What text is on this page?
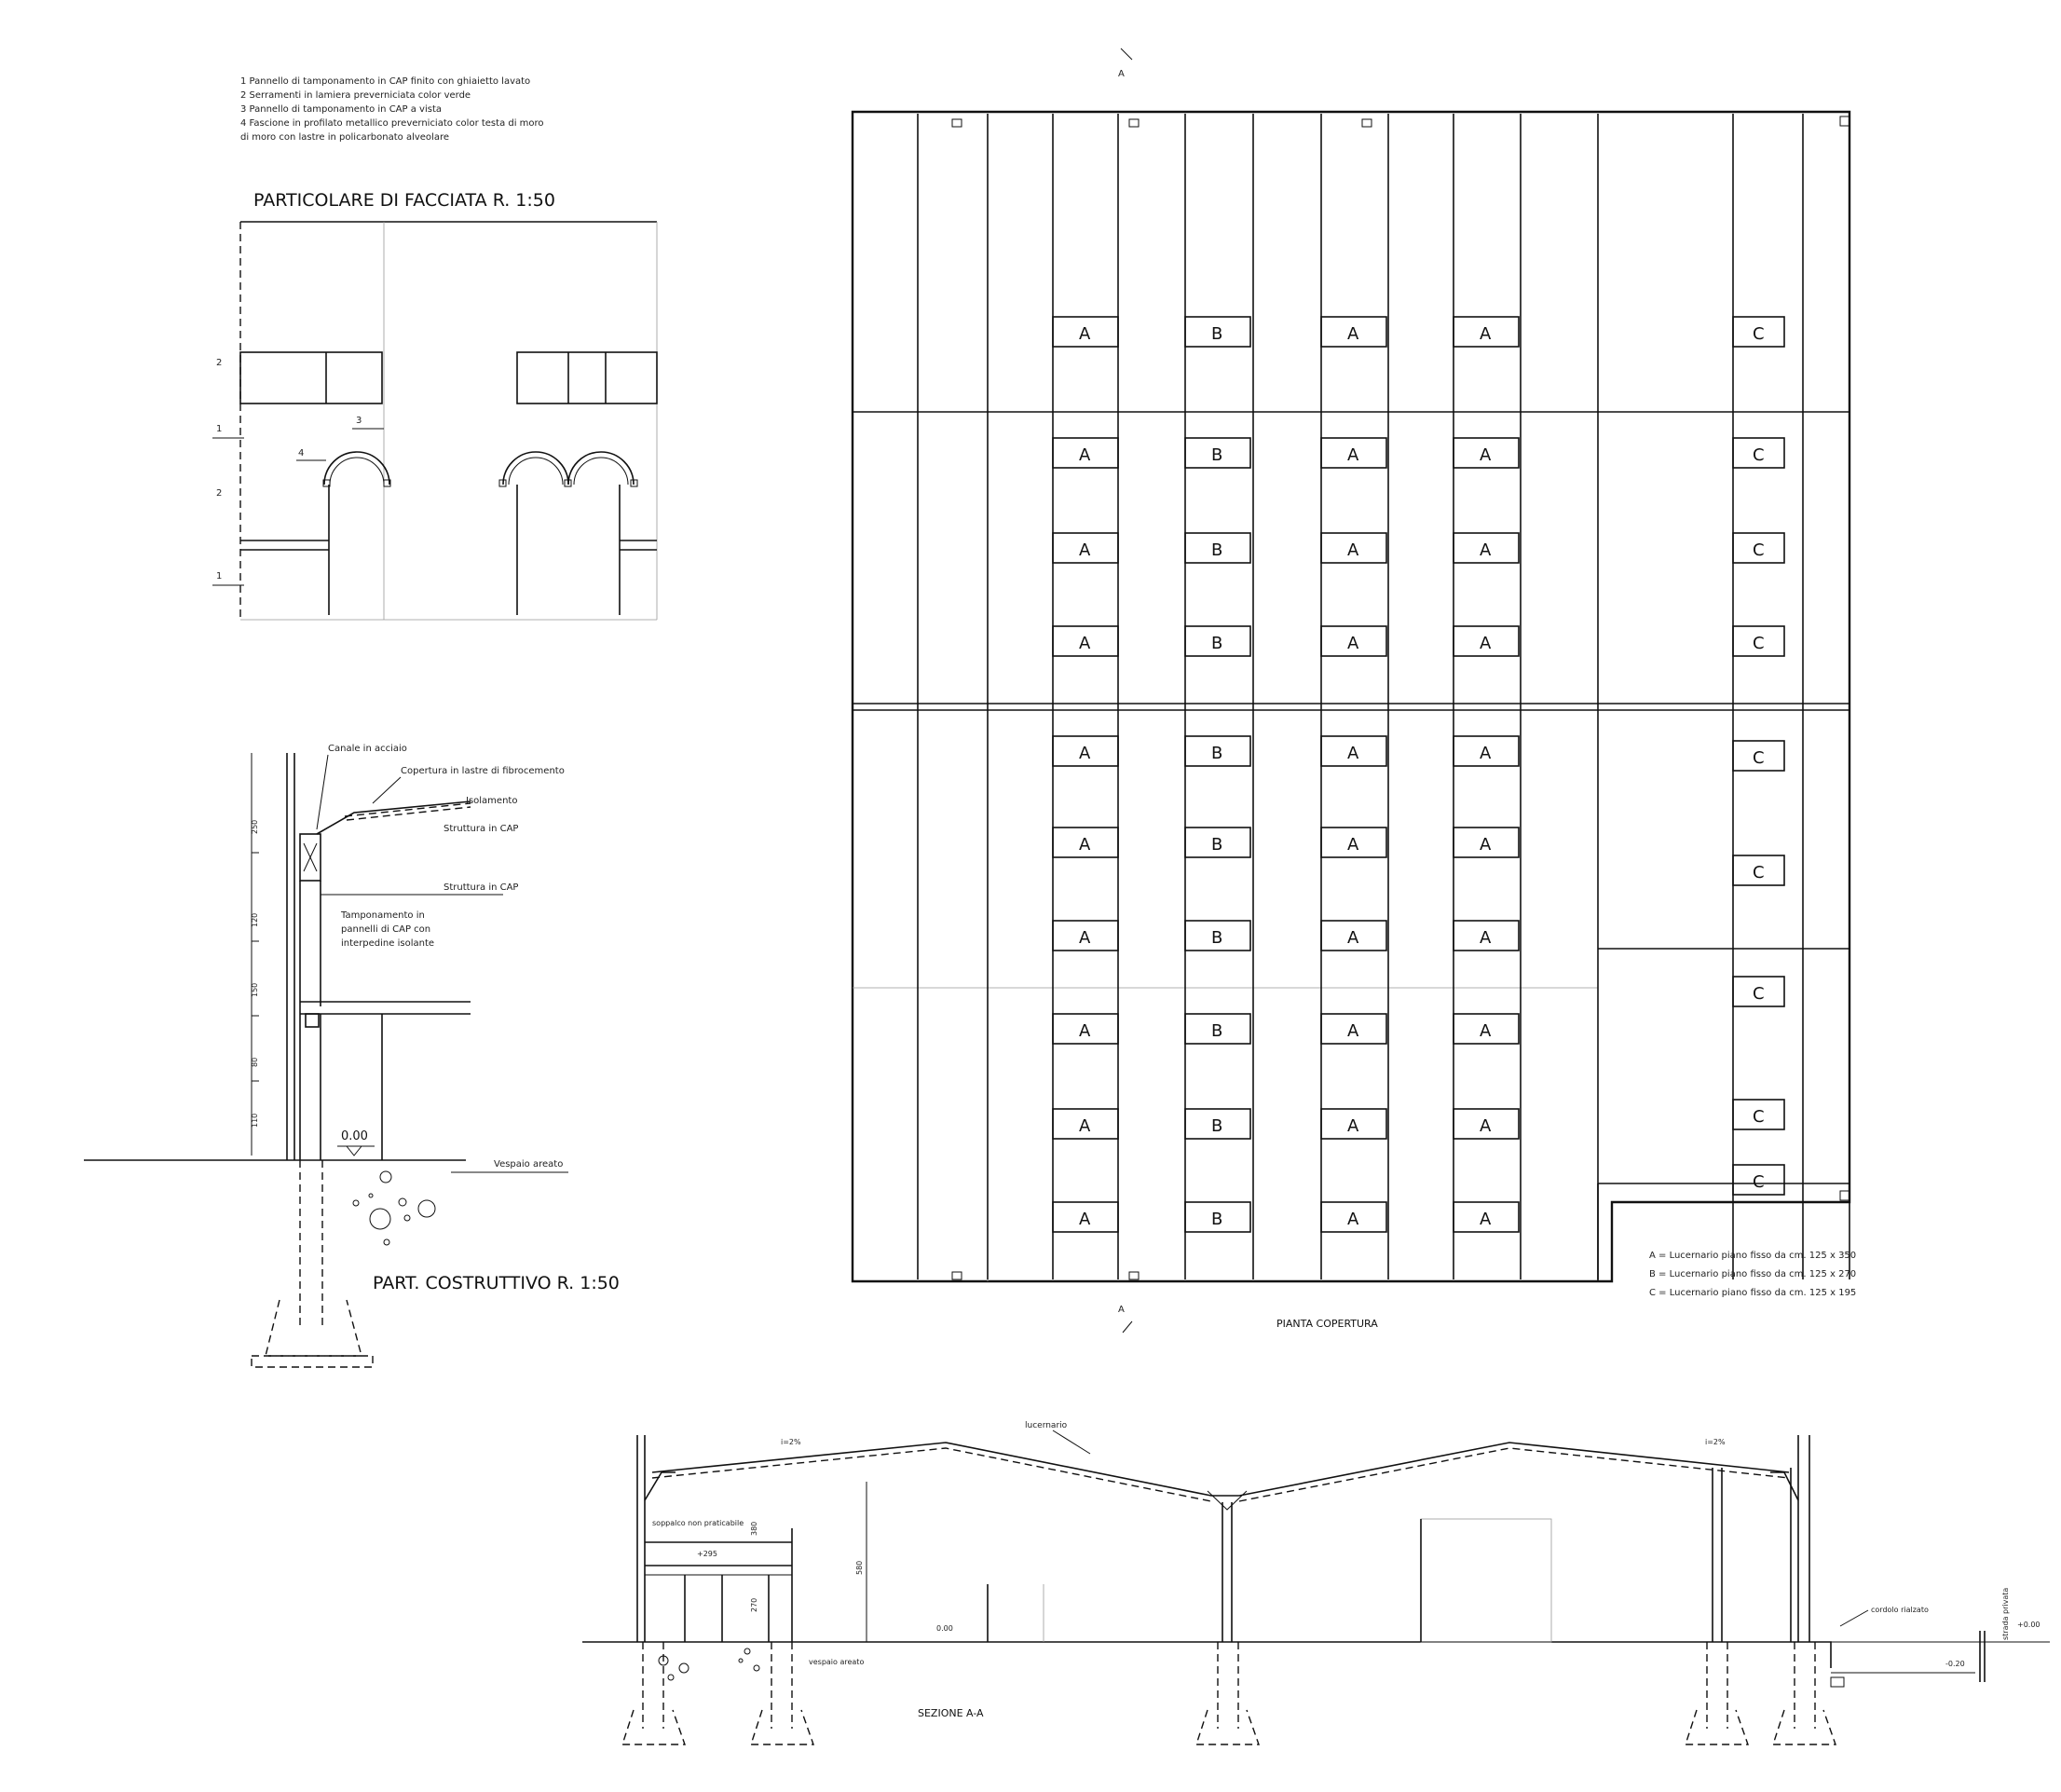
1 Pannello di tamponamento in CAP finito con ghiaietto lavato
2 Serramenti in lamiera preverniciata color verde
3 Pannello di tamponamento in CAP a vista
4 Fascione in profilato metallico preverniciato color testa di moro
di moro con lastre in policarbonato alveolare
PARTICOLARE DI FACCIATA R. 1:50
2
1
2
1
3
4
250
120
150
80
110
0.00
Canale in acciaio
Copertura in lastre di fibrocemento
Isolamento
Struttura in CAP
Struttura in CAP
Tamponamento in
pannelli di CAP con
interpedine isolante
Vespaio areato
PART. COSTRUTTIVO R. 1:50
A
A
A
A
A
A
A
A
A
A
A
A
B
B
B
B
B
B
B
B
B
B
A
A
A
A
A
A
A
A
A
A
A
A
A
A
A
A
A
A
A
A
C
C
C
C
C
C
C
C
C
PIANTA COPERTURA
A = Lucernario piano fisso da cm. 125 x 350
B = Lucernario piano fisso da cm. 125 x 270
C = Lucernario piano fisso da cm. 125 x 195
580
380
270
lucernario
i=2%	i=2%
soppalco non praticabile
+295
0.00
vespaio areato
cordolo rialzato	strada privata +0.00
-0.20
SEZIONE A-A
